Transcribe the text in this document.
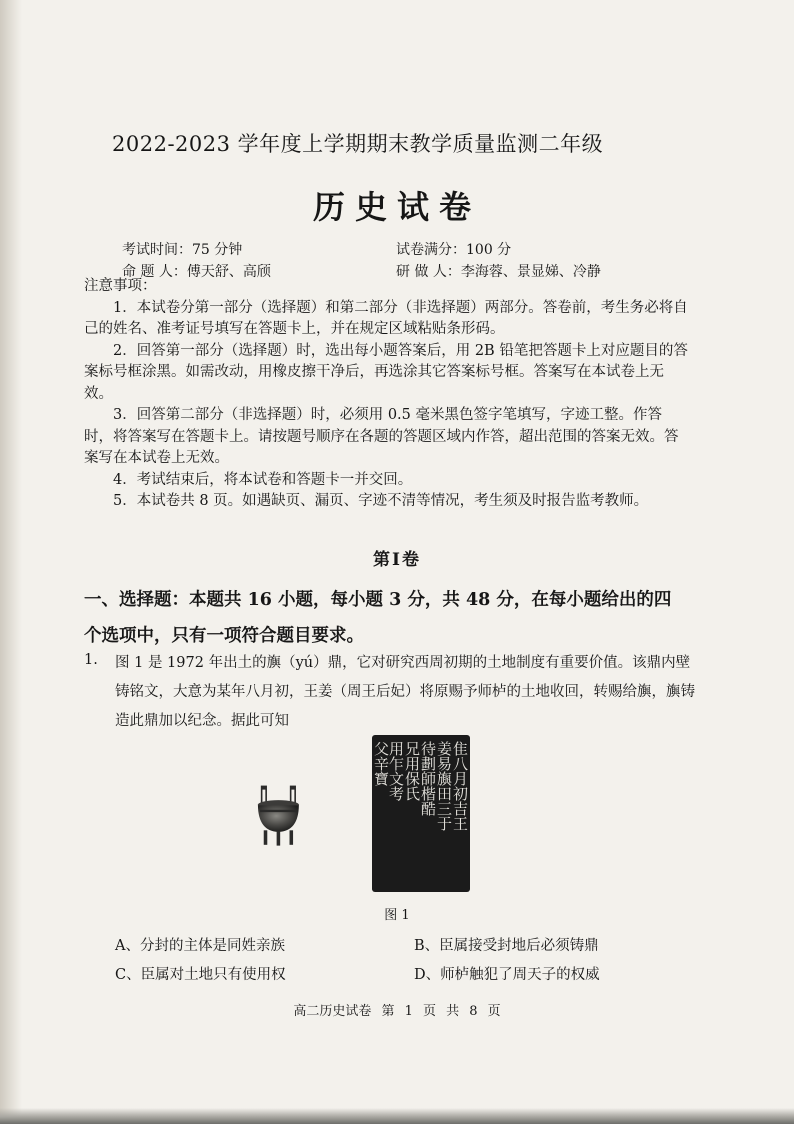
2022-2023 学年度上学期期末教学质量监测二年级
历史试卷
考试时间：75 分钟	试卷满分：100 分
命 题 人：傅天舒、高颀	研 做 人：李海蓉、景显娣、冷静

注意事项：

1．本试卷分第一部分（选择题）和第二部分（非选择题）两部分。答卷前，考生务必将自己的姓名、准考证号填写在答题卡上，并在规定区域粘贴条形码。

2．回答第一部分（选择题）时，选出每小题答案后，用 2B 铅笔把答题卡上对应题目的答案标号框涂黑。如需改动，用橡皮擦干净后，再选涂其它答案标号框。答案写在本试卷上无效。

3．回答第二部分（非选择题）时，必须用 0.5 毫米黑色签字笔填写，字迹工整。作答时，将答案写在答题卡上。请按题号顺序在各题的答题区域内作答，超出范围的答案无效。答案写在本试卷上无效。

4．考试结束后，将本试卷和答题卡一并交回。

5．本试卷共 8 页。如遇缺页、漏页、字迹不清等情况，考生须及时报告监考教师。

第Ⅰ卷
一、选择题：本题共 16 小题，每小题 3 分，共 48 分，在每小题给出的四个选项中，只有一项符合题目要求。
1. 图 1 是 1972 年出土的旟（yú）鼎，它对研究西周初期的土地制度有重要价值。该鼎内壁铸铭文，大意为某年八月初，王姜（周王后妃）将原赐予师栌的土地收回，转赐给旟，旟铸造此鼎加以纪念。据此可知
隹八月初吉王
姜易旟田三于
待劃師楷酷
兄用保氏
用乍文考
父辛寶
图 1
A、分封的主体是同姓亲族	B、臣属接受封地后必须铸鼎
C、臣属对土地只有使用权	D、师栌触犯了周天子的权威
高二历史试卷 第 1 页 共 8 页
